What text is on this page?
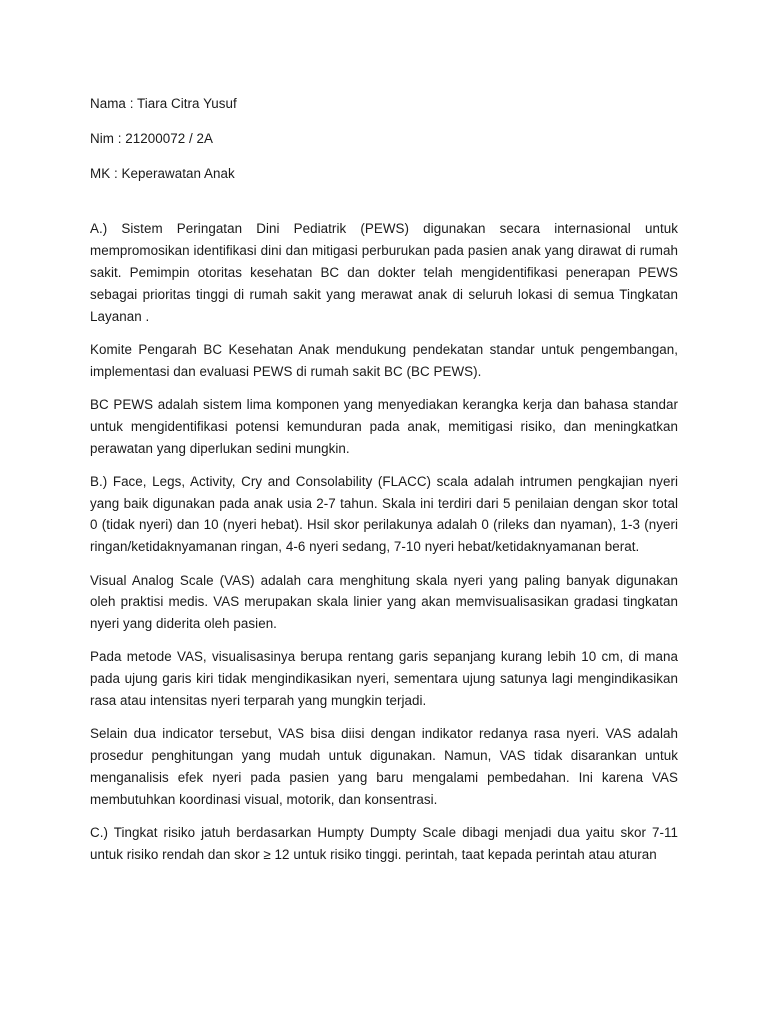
Nama : Tiara Citra Yusuf

Nim : 21200072 / 2A

MK : Keperawatan Anak

A.) Sistem Peringatan Dini Pediatrik (PEWS) digunakan secara internasional untuk mempromosikan identifikasi dini dan mitigasi perburukan pada pasien anak yang dirawat di rumah sakit. Pemimpin otoritas kesehatan BC dan dokter telah mengidentifikasi penerapan PEWS sebagai prioritas tinggi di rumah sakit yang merawat anak di seluruh lokasi di semua Tingkatan Layanan .

Komite Pengarah BC Kesehatan Anak mendukung pendekatan standar untuk pengembangan, implementasi dan evaluasi PEWS di rumah sakit BC (BC PEWS).

BC PEWS adalah sistem lima komponen yang menyediakan kerangka kerja dan bahasa standar untuk mengidentifikasi potensi kemunduran pada anak, memitigasi risiko, dan meningkatkan perawatan yang diperlukan sedini mungkin.

B.) Face, Legs, Activity, Cry and Consolability (FLACC) scala adalah intrumen pengkajian nyeri yang baik digunakan pada anak usia 2-7 tahun. Skala ini terdiri dari 5 penilaian dengan skor total 0 (tidak nyeri) dan 10 (nyeri hebat). Hsil skor perilakunya adalah 0 (rileks dan nyaman), 1-3 (nyeri ringan/ketidaknyamanan ringan, 4-6 nyeri sedang, 7-10 nyeri hebat/ketidaknyamanan berat.

Visual Analog Scale (VAS) adalah cara menghitung skala nyeri yang paling banyak digunakan oleh praktisi medis. VAS merupakan skala linier yang akan memvisualisasikan gradasi tingkatan nyeri yang diderita oleh pasien.

Pada metode VAS, visualisasinya berupa rentang garis sepanjang kurang lebih 10 cm, di mana pada ujung garis kiri tidak mengindikasikan nyeri, sementara ujung satunya lagi mengindikasikan rasa atau intensitas nyeri terparah yang mungkin terjadi.

Selain dua indicator tersebut, VAS bisa diisi dengan indikator redanya rasa nyeri. VAS adalah prosedur penghitungan yang mudah untuk digunakan. Namun, VAS tidak disarankan untuk menganalisis efek nyeri pada pasien yang baru mengalami pembedahan. Ini karena VAS membutuhkan koordinasi visual, motorik, dan konsentrasi.

C.) Tingkat risiko jatuh berdasarkan Humpty Dumpty Scale dibagi menjadi dua yaitu skor 7-11 untuk risiko rendah dan skor ≥ 12 untuk risiko tinggi. perintah, taat kepada perintah atau aturan
